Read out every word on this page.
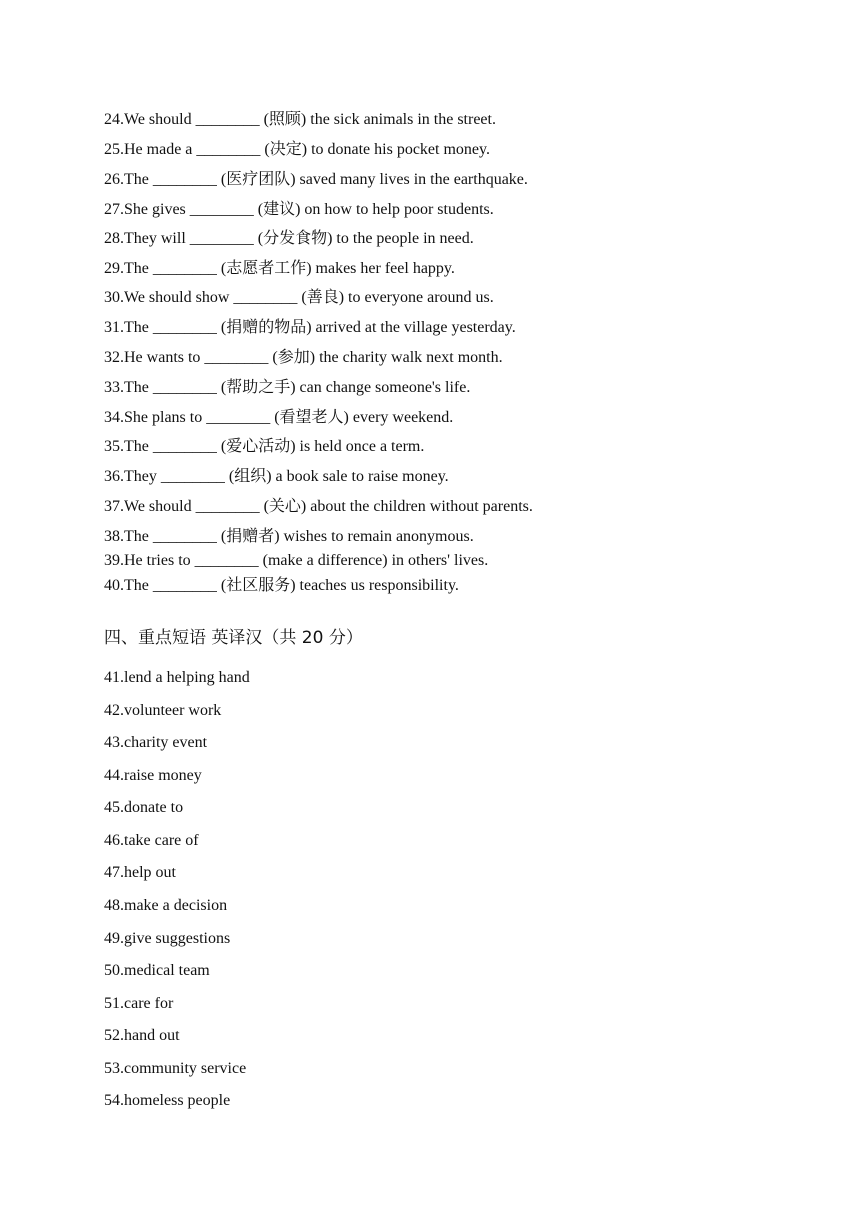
24.We should ________ (照顾) the sick animals in the street.
25.He made a ________ (决定) to donate his pocket money.
26.The ________ (医疗团队) saved many lives in the earthquake.
27.She gives ________ (建议) on how to help poor students.
28.They will ________ (分发食物) to the people in need.
29.The ________ (志愿者工作) makes her feel happy.
30.We should show ________ (善良) to everyone around us.
31.The ________ (捐赠的物品) arrived at the village yesterday.
32.He wants to ________ (参加) the charity walk next month.
33.The ________ (帮助之手) can change someone's life.
34.She plans to ________ (看望老人) every weekend.
35.The ________ (爱心活动) is held once a term.
36.They ________ (组织) a book sale to raise money.
37.We should ________ (关心) about the children without parents.
38.The ________ (捐赠者) wishes to remain anonymous.
39.He tries to ________ (make a difference) in others' lives.
40.The ________ (社区服务) teaches us responsibility.
四、重点短语 英译汉（共 20 分）
41.lend a helping hand
42.volunteer work
43.charity event
44.raise money
45.donate to
46.take care of
47.help out
48.make a decision
49.give suggestions
50.medical team
51.care for
52.hand out
53.community service
54.homeless people
